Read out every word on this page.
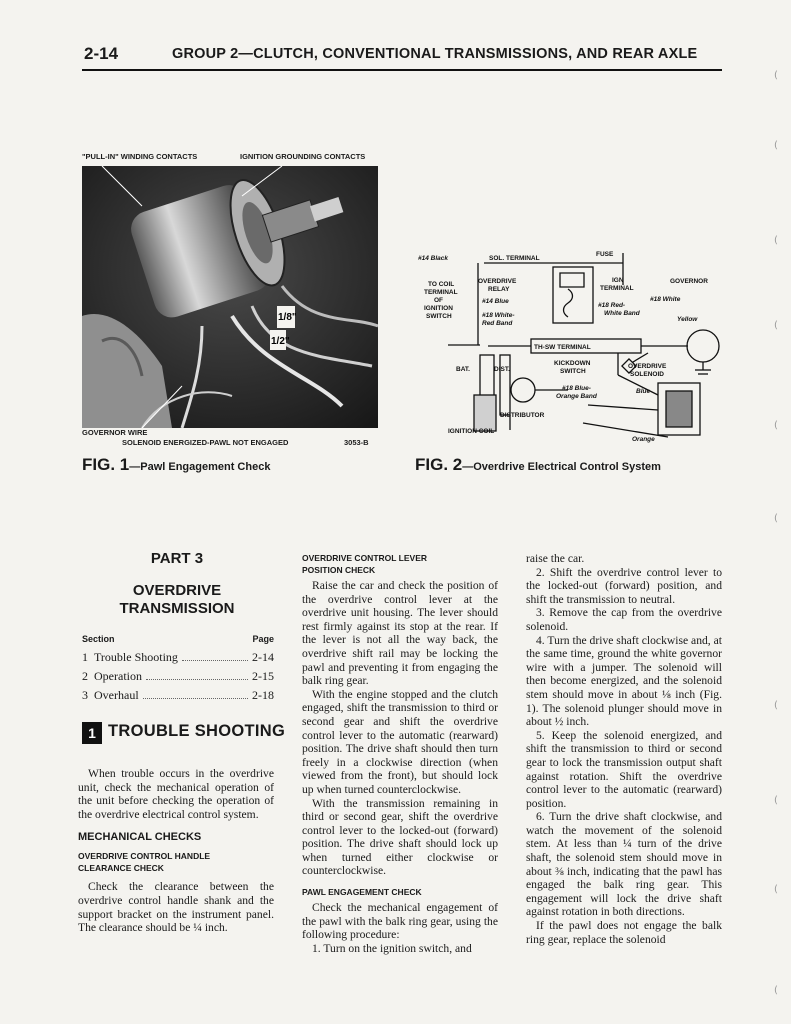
2-14	GROUP 2—CLUTCH, CONVENTIONAL TRANSMISSIONS, AND REAR AXLE
(
(
(
(
(
(
(
(
(
(
"PULL-IN" WINDING CONTACTS	IGNITION GROUNDING CONTACTS
1/8"
1/2"
GOVERNOR WIRE
SOLENOID ENERGIZED-PAWL NOT ENGAGED	3053-B
FIG. 1—Pawl Engagement Check
#14 Black	SOL. TERMINAL
FUSE
TO COIL
TERMINAL
OF
IGNITION
SWITCH
OVERDRIVE
RELAY
#14 Blue
#18 White-
Red Band
IGN
TERMINAL
#18 Red-
White Band
#18 White
GOVERNOR
Yellow
TH-SW TERMINAL
BAT.	DIST.
KICKDOWN
SWITCH
OVERDRIVE
SOLENOID
Blue
#18 Blue-
Orange Band
DISTRIBUTOR
IGNITION COIL
Orange
FIG. 2—Overdrive Electrical Control System
PART 3
OVERDRIVE
TRANSMISSION
Section	Page
1 Trouble Shooting	2-14
2 Operation	2-15
3 Overhaul	2-18
1 TROUBLE SHOOTING

When trouble occurs in the overdrive unit, check the mechanical operation of the unit before checking the operation of the overdrive electrical control system.

MECHANICAL CHECKS

OVERDRIVE CONTROL HANDLE

CLEARANCE CHECK

Check the clearance between the overdrive control handle shank and the support bracket on the instrument panel. The clearance should be ¼ inch.

OVERDRIVE CONTROL LEVER

POSITION CHECK

Raise the car and check the position of the overdrive control lever at the overdrive unit housing. The lever should rest firmly against its stop at the rear. If the lever is not all the way back, the overdrive shift rail may be locking the pawl and preventing it from engaging the balk ring gear.

With the engine stopped and the clutch engaged, shift the transmission to third or second gear and shift the overdrive control lever to the automatic (rearward) position. The drive shaft should then turn freely in a clockwise direction (when viewed from the front), but should lock up when turned counterclockwise.

With the transmission remaining in third or second gear, shift the overdrive control lever to the locked-out (forward) position. The drive shaft should lock up when turned either clockwise or counterclockwise.

PAWL ENGAGEMENT CHECK

Check the mechanical engagement of the pawl with the balk ring gear, using the following procedure:

1. Turn on the ignition switch, and

raise the car.

2. Shift the overdrive control lever to the locked-out (forward) position, and shift the transmission to neutral.

3. Remove the cap from the overdrive solenoid.

4. Turn the drive shaft clockwise and, at the same time, ground the white governor wire with a jumper. The solenoid will then become energized, and the solenoid stem should move in about ⅛ inch (Fig. 1). The solenoid plunger should move in about ½ inch.

5. Keep the solenoid energized, and shift the transmission to third or second gear to lock the transmission output shaft against rotation. Shift the overdrive control lever to the automatic (rearward) position.

6. Turn the drive shaft clockwise, and watch the movement of the solenoid stem. At less than ¼ turn of the drive shaft, the solenoid stem should move in about ⅜ inch, indicating that the pawl has engaged the balk ring gear. This engagement will lock the drive shaft against rotation in both directions.

If the pawl does not engage the balk ring gear, replace the solenoid
